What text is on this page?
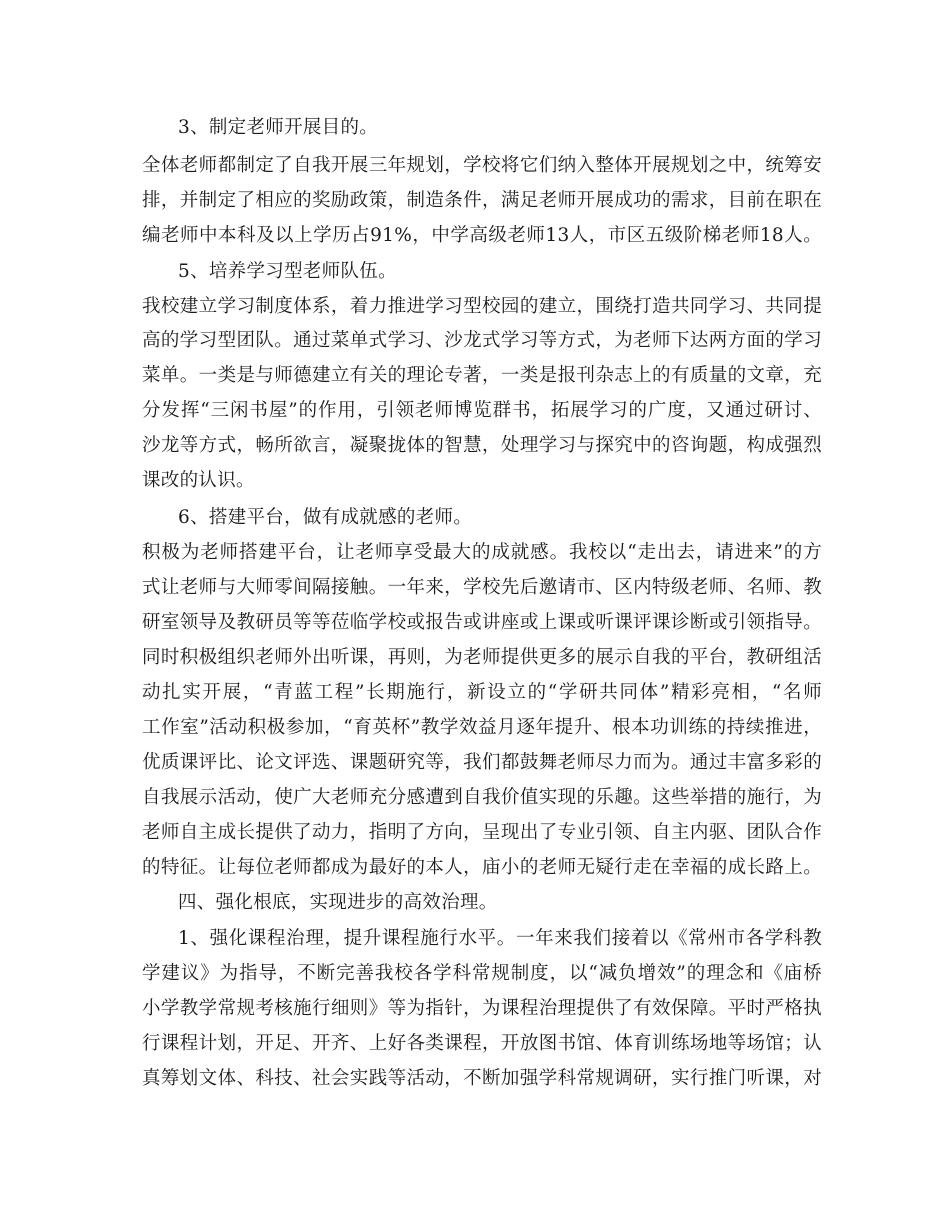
3、制定老师开展目的。
全体老师都制定了自我开展三年规划，学校将它们纳入整体开展规划之中，统筹安
排，并制定了相应的奖励政策，制造条件，满足老师开展成功的需求，目前在职在
编老师中本科及以上学历占91%，中学高级老师13人，市区五级阶梯老师18人。
5、培养学习型老师队伍。
我校建立学习制度体系，着力推进学习型校园的建立，围绕打造共同学习、共同提
高的学习型团队。通过菜单式学习、沙龙式学习等方式，为老师下达两方面的学习
菜单。一类是与师德建立有关的理论专著，一类是报刊杂志上的有质量的文章，充
分发挥“三闲书屋”的作用，引领老师博览群书，拓展学习的广度，又通过研讨、
沙龙等方式，畅所欲言，凝聚拢体的智慧，处理学习与探究中的咨询题，构成强烈
课改的认识。
6、搭建平台，做有成就感的老师。
积极为老师搭建平台，让老师享受最大的成就感。我校以“走出去，请进来”的方
式让老师与大师零间隔接触。一年来，学校先后邀请市、区内特级老师、名师、教
研室领导及教研员等等莅临学校或报告或讲座或上课或听课评课诊断或引领指导。
同时积极组织老师外出听课，再则，为老师提供更多的展示自我的平台，教研组活
动扎实开展，“青蓝工程”长期施行，新设立的“学研共同体”精彩亮相，“名师
工作室”活动积极参加，“育英杯”教学效益月逐年提升、根本功训练的持续推进，
优质课评比、论文评选、课题研究等，我们都鼓舞老师尽力而为。通过丰富多彩的
自我展示活动，使广大老师充分感遭到自我价值实现的乐趣。这些举措的施行，为
老师自主成长提供了动力，指明了方向，呈现出了专业引领、自主内驱、团队合作
的特征。让每位老师都成为最好的本人，庙小的老师无疑行走在幸福的成长路上。
四、强化根底，实现进步的高效治理。
1、强化课程治理，提升课程施行水平。一年来我们接着以《常州市各学科教
学建议》为指导，不断完善我校各学科常规制度，以“减负增效”的理念和《庙桥
小学教学常规考核施行细则》等为指针，为课程治理提供了有效保障。平时严格执
行课程计划，开足、开齐、上好各类课程，开放图书馆、体育训练场地等场馆；认
真筹划文体、科技、社会实践等活动，不断加强学科常规调研，实行推门听课，对
